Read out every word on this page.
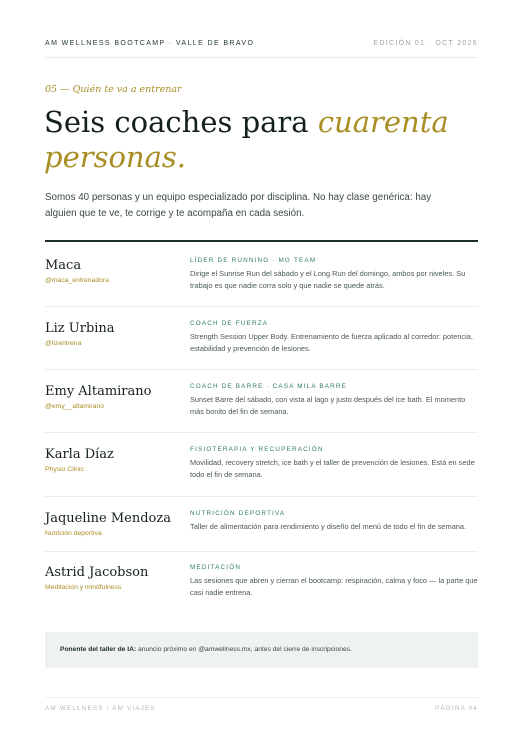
AM WELLNESS BOOTCAMP · VALLE DE BRAVO	EDICIÓN 01 · OCT 2026
05 — Quién te va a entrenar
Seis coaches para cuarenta personas.

Somos 40 personas y un equipo especializado por disciplina. No hay clase genérica: hay alguien que te ve, te corrige y te acompaña en cada sesión.

Maca
@maca_entrenadora
LÍDER DE RUNNING · MG TEAM

Dirige el Sunrise Run del sábado y el Long Run del domingo, ambos por niveles. Su trabajo es que nadie corra solo y que nadie se quede atrás.

Liz Urbina
@lizentrena
COACH DE FUERZA

Strength Session Upper Body. Entrenamiento de fuerza aplicado al corredor: potencia, estabilidad y prevención de lesiones.

Emy Altamirano
@emy__altamirano
COACH DE BARRE · CASA MILA BARRE

Sunset Barre del sábado, con vista al lago y justo después del ice bath. El momento más bonito del fin de semana.

Karla Díaz
Physio Clinic
FISIOTERAPIA Y RECUPERACIÓN

Movilidad, recovery stretch, ice bath y el taller de prevención de lesiones. Está en sede todo el fin de semana.

Jaqueline Mendoza
Nutrición deportiva
NUTRICIÓN DEPORTIVA

Taller de alimentación para rendimiento y diseño del menú de todo el fin de semana.

Astrid Jacobson
Meditación y mindfulness
MEDITACIÓN

Las sesiones que abren y cierran el bootcamp: respiración, calma y foco — la parte que casi nadie entrena.

Ponente del taller de IA: anuncio próximo en @amwellness.mx, antes del cierre de inscripciones.
AM WELLNESS / AM VIAJES	PÁGINA 04
